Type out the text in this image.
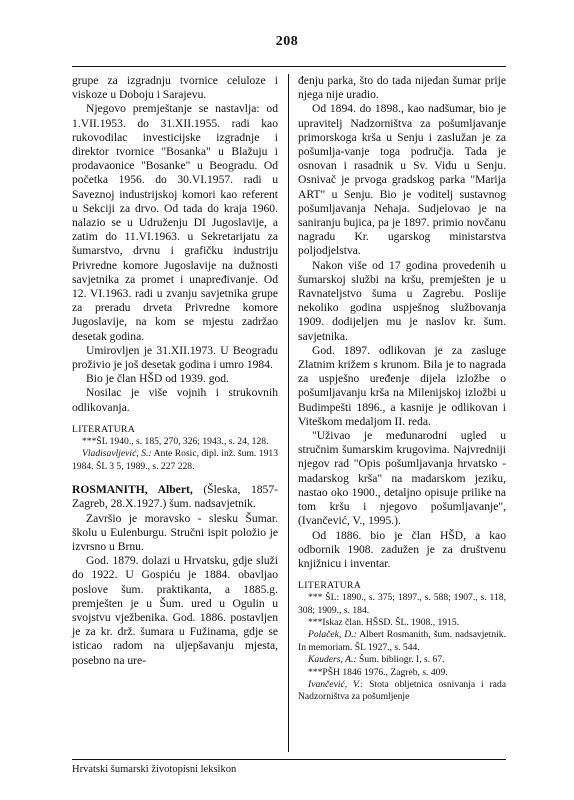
208

grupe za izgradnju tvornice celuloze i viskoze u Doboju i Sarajevu.

Njegovo premještanje se nastavlja: od 1.VII.1953. do 31.XII.1955. radi kao rukovodilac investicijske izgradnje i direktor tvornice "Bosanka" u Blažuju i prodavaonice "Bosanke" u Beogradu. Od početka 1956. do 30.VI.1957. radi u Saveznoj industrijskoj komori kao referent u Sekciji za drvo. Od tada do kraja 1960. nalazio se u Udruženju DI Jugoslavije, a zatim do 11.VI.1963. u Sekretarijatu za šumarstvo, drvnu i grafičku industriju Privredne komore Jugoslavije na dužnosti savjetnika za promet i unapređivanje. Od 12. VI.1963. radi u zvanju savjetnika grupe za preradu drveta Privredne komore Jugoslavije, na kom se mjestu zadržao desetak godina.

Umirovljen je 31.XII.1973. U Beogradu proživio je još desetak godina i umro 1984.

Bio je član HŠD od 1939. god.

Nosilac je više vojnih i strukovnih odlikovanja.

LITERATURA

***ŠL 1940., s. 185, 270, 326; 1943., s. 24, 128.

Vladisavljević, S.: Ante Rosic, dipl. inž. šum. 1913 1984. ŠL 3 5, 1989., s. 227 228.

ROSMANITH, Albert, (Šleska, 1857-Zagreb, 28.X.1927.) šum. nadsavjetnik.

Završio je moravsko - slesku Šumar. školu u Eulenburgu. Stručni ispit položio je izvrsno u Brnu.

God. 1879. dolazi u Hrvatsku, gdje služi do 1922. U Gospiću je 1884. obavljao poslove šum. praktikanta, a 1885.g. premješten je u Šum. ured u Ogulin u svojstvu vježbenika. God. 1886. postavljen je za kr. drž. šumara u Fužinama, gdje se isticao radom na uljepšavanju mjesta, posebno na ure-

đenju parka, što do tada nijedan šumar prije njega nije uradio.

Od 1894. do 1898., kao nadšumar, bio je upravitelj Nadzorništva za pošumljavanje primorskoga krša u Senju i zaslužan je za pošumlja-vanje toga područja. Tada je osnovan i rasadnik u Sv. Vidu u Senju. Osnivač je prvoga gradskog parka "Marija ART" u Senju. Bio je voditelj sustavnog pošumljavanja Nehaja. Sudjelovao je na saniranju bujica, pa je 1897. primio novčanu nagradu Kr. ugarskog ministarstva poljodjelstva.

Nakon više od 17 godina provedenih u šumarskoj službi na kršu, premješten je u Ravnateljstvo šuma u Zagrebu. Poslije nekoliko godina uspješnog službovanja 1909. dodijeljen mu je naslov kr. šum. savjetnika.

God. 1897. odlikovan je za zasluge Zlatnim križem s krunom. Bila je to nagrada za uspješno uređenje dijela izložbe o pošumljavanju krša na Milenijskoj izložbi u Budimpešti 1896., a kasnije je odlikovan i Viteškom medaljom II. reda.

"Uživao je međunarodni ugled u stručnim šumarskim krugovima. Najvredniji njegov rad "Opis pošumljavanja hrvatsko - madarskog krša" na madarskom jeziku, nastao oko 1900., detaljno opisuje prilike na tom kršu i njegovo pošumljavanje", (Ivančević, V., 1995.).

Od 1886. bio je član HŠD, a kao odbornik 1908. zadužen je za društvenu knjižnicu i inventar.

LITERATURA

*** ŠL: 1890., s. 375; 1897., s. 588; 1907., s. 118, 308; 1909., s. 184.

***Iskaz član. HŠSD. ŠL. 1908., 1915.

Polaček, D.: Albert Rosmanith, šum. nadsavjetnik. In memoriam. ŠL 1927., s. 544.

Kauders, A.: Šum. bibliogr. I, s. 67.

***PŠH 1846 1976., Zagreb, s. 409.

Ivančević, V.: Stota obljetnica osnivanja i rada Nadzorništva za pošumljenje

Hrvatski šumarski životopisni leksikon
